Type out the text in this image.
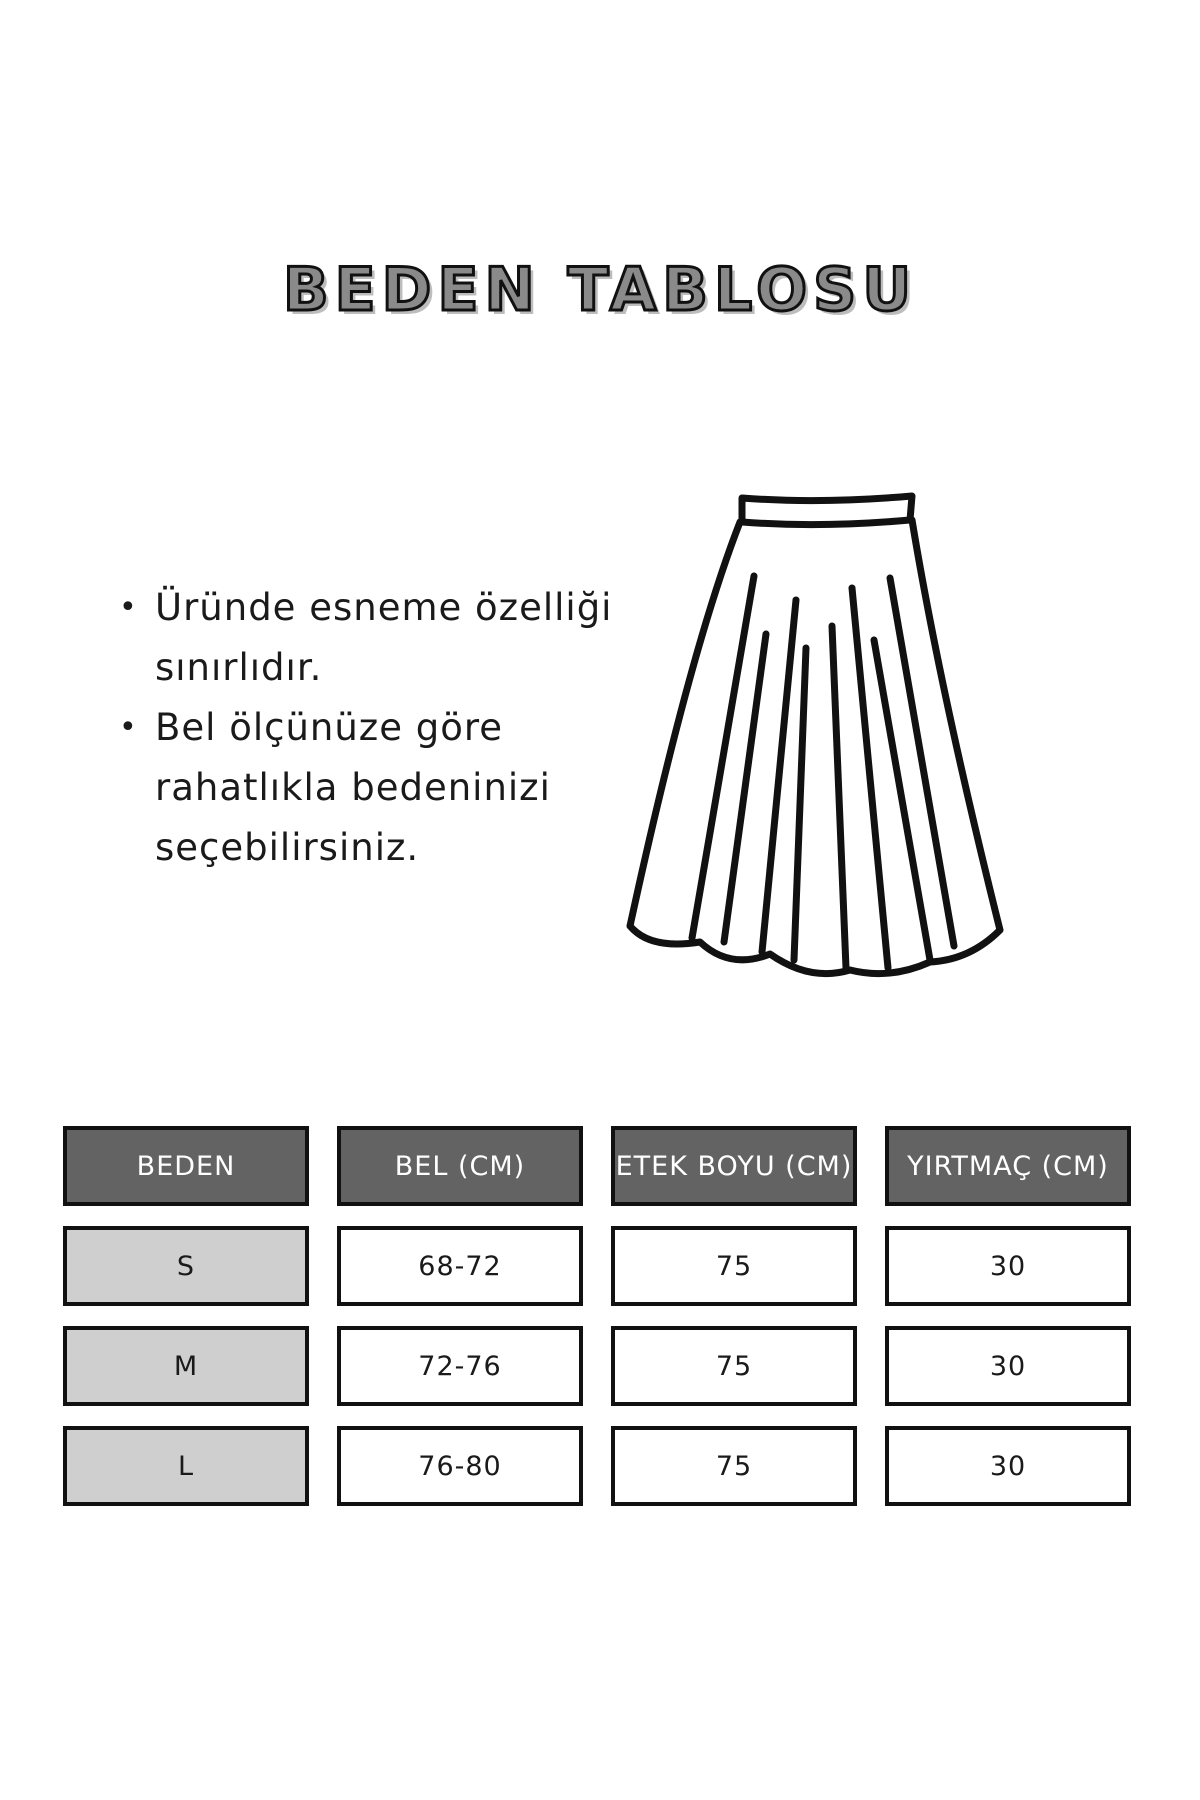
BEDEN TABLOSU
• Üründe esneme özelliği sınırlıdır.
• Bel ölçünüze göre rahatlıkla bedeninizi seçebilirsiniz.
BEDEN	BEL (CM)	ETEK BOYU (CM)	YIRTMAÇ (CM)
S	68-72	75	30
M	72-76	75	30
L	76-80	75	30
